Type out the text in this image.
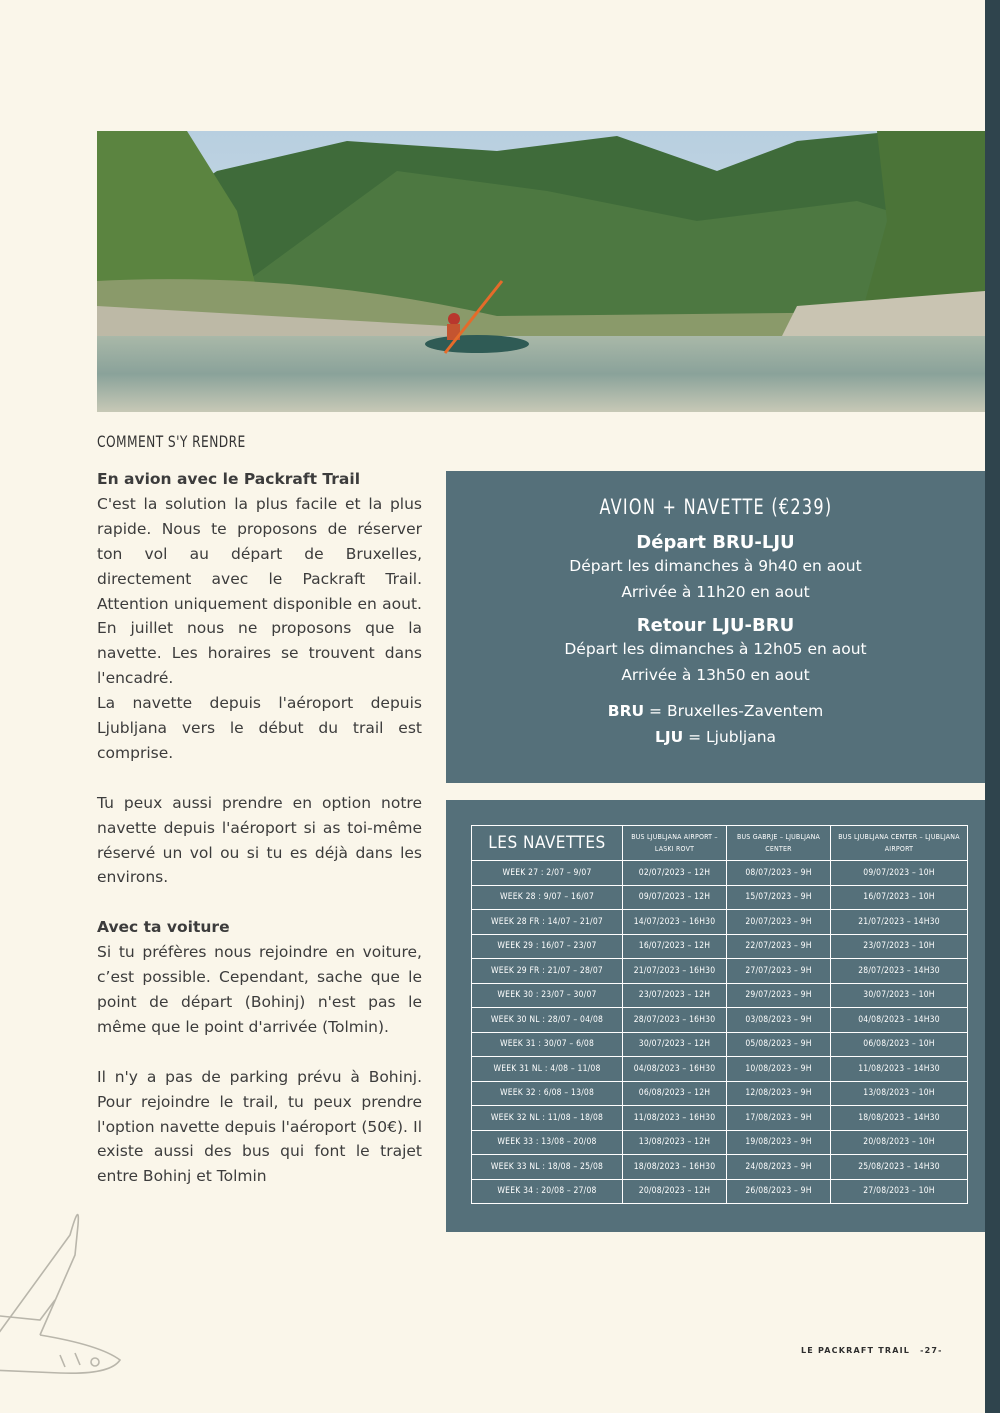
COMMENT S'Y RENDRE

En avion avec le Packraft Trail
C'est la solution la plus facile et la plus rapide. Nous te proposons de réserver ton vol au départ de Bruxelles, directement avec le Packraft Trail. Attention uniquement disponible en aout. En juillet nous ne proposons que la navette. Les horaires se trouvent dans l'encadré.
La navette depuis l'aéroport depuis Ljubljana vers le début du trail est comprise.

Tu peux aussi prendre en option notre navette depuis l'aéroport si as toi-même réservé un vol ou si tu es déjà dans les environs.

Avec ta voiture
Si tu préfères nous rejoindre en voiture, c’est possible. Cependant, sache que le point de départ (Bohinj) n'est pas le même que le point d'arrivée (Tolmin).

Il n'y a pas de parking prévu à Bohinj. Pour rejoindre le trail, tu peux prendre l'option navette depuis l'aéroport (50€). Il existe aussi des bus qui font le trajet entre Bohinj et Tolmin

AVION + NAVETTE (€239)
Départ BRU-LJU
Départ les dimanches à 9h40 en aout
Arrivée à 11h20 en aout
Retour LJU-BRU
Départ les dimanches à 12h05 en aout
Arrivée à 13h50 en aout
BRU = Bruxelles-Zaventem
LJU = Ljubljana
LES NAVETTES	BUS LJUBLJANA AIRPORT – LASKI ROVT	BUS GABRJE – LJUBLJANA CENTER	BUS LJUBLJANA CENTER – LJUBLJANA AIRPORT
WEEK 27 : 2/07 – 9/07	02/07/2023 – 12H	08/07/2023 – 9H	09/07/2023 – 10H
WEEK 28 : 9/07 – 16/07	09/07/2023 – 12H	15/07/2023 – 9H	16/07/2023 – 10H
WEEK 28 FR : 14/07 – 21/07	14/07/2023 – 16H30	20/07/2023 – 9H	21/07/2023 – 14H30
WEEK 29 : 16/07 – 23/07	16/07/2023 – 12H	22/07/2023 – 9H	23/07/2023 – 10H
WEEK 29 FR : 21/07 – 28/07	21/07/2023 – 16H30	27/07/2023 – 9H	28/07/2023 – 14H30
WEEK 30 : 23/07 – 30/07	23/07/2023 – 12H	29/07/2023 – 9H	30/07/2023 – 10H
WEEK 30 NL : 28/07 – 04/08	28/07/2023 – 16H30	03/08/2023 – 9H	04/08/2023 – 14H30
WEEK 31 : 30/07 – 6/08	30/07/2023 – 12H	05/08/2023 – 9H	06/08/2023 – 10H
WEEK 31 NL : 4/08 – 11/08	04/08/2023 – 16H30	10/08/2023 – 9H	11/08/2023 – 14H30
WEEK 32 : 6/08 – 13/08	06/08/2023 – 12H	12/08/2023 – 9H	13/08/2023 – 10H
WEEK 32 NL : 11/08 – 18/08	11/08/2023 – 16H30	17/08/2023 – 9H	18/08/2023 – 14H30
WEEK 33 : 13/08 – 20/08	13/08/2023 – 12H	19/08/2023 – 9H	20/08/2023 – 10H
WEEK 33 NL : 18/08 – 25/08	18/08/2023 – 16H30	24/08/2023 – 9H	25/08/2023 – 14H30
WEEK 34 : 20/08 – 27/08	20/08/2023 – 12H	26/08/2023 – 9H	27/08/2023 – 10H
LE PACKRAFT TRAIL -27-
